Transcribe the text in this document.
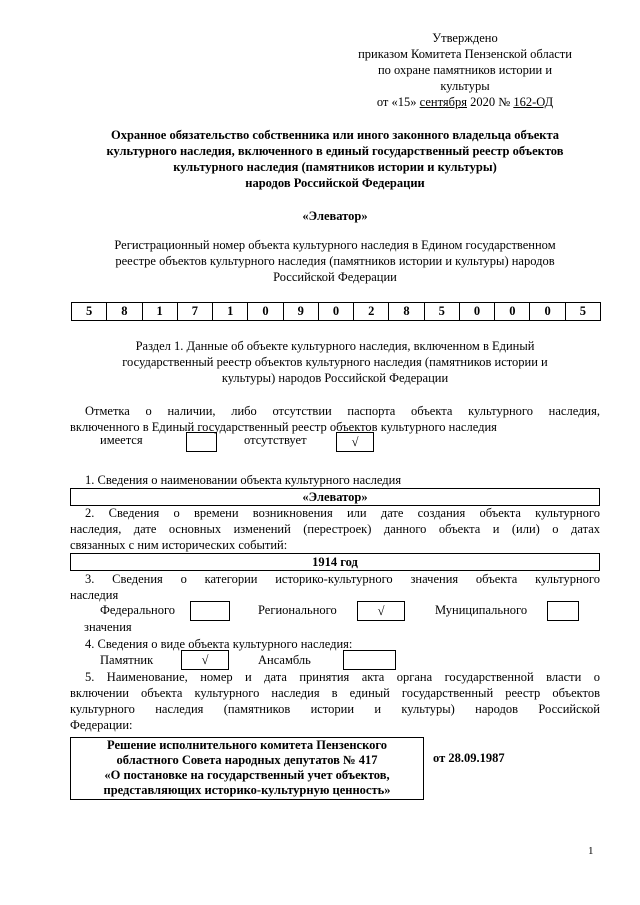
Утверждено
приказом Комитета Пензенской области
по охране памятников истории и
культуры
от «15» сентября 2020 № 162-ОД
Охранное обязательство собственника или иного законного владельца объекта
культурного наследия, включенного в единый государственный реестр объектов
культурного наследия (памятников истории и культуры)
народов Российской Федерации
«Элеватор»
Регистрационный номер объекта культурного наследия в Едином государственном
реестре объектов культурного наследия (памятников истории и культуры) народов
Российской Федерации
5	8	1	7	1	0	9	0	2	8	5	0	0	0	5
Раздел 1. Данные об объекте культурного наследия, включенном в Единый
государственный реестр объектов культурного наследия (памятников истории и
культуры) народов Российской Федерации
Отметка о наличии, либо отсутствии паспорта объекта культурного наследия,
включенного в Единый государственный реестр объектов культурного наследия
имеется	отсутствует	√
1. Сведения о наименовании объекта культурного наследия
«Элеватор»
2. Сведения о времени возникновения или дате создания объекта культурного
наследия, дате основных изменений (перестроек) данного объекта и (или) о датах
связанных с ним исторических событий:
1914 год
3. Сведения о категории историко-культурного значения объекта культурного
наследия
Федерального	Регионального	√	Муниципального
значения
4. Сведения о виде объекта культурного наследия:
Памятник	√	Ансамбль
5. Наименование, номер и дата принятия акта органа государственной власти о
включении объекта культурного наследия в единый государственный реестр объектов
культурного наследия (памятников истории и культуры) народов Российской
Федерации:
Решение исполнительного комитета Пензенского
областного Совета народных депутатов № 417
«О постановке на государственный учет объектов,
представляющих историко-культурную ценность»
от 28.09.1987
1
